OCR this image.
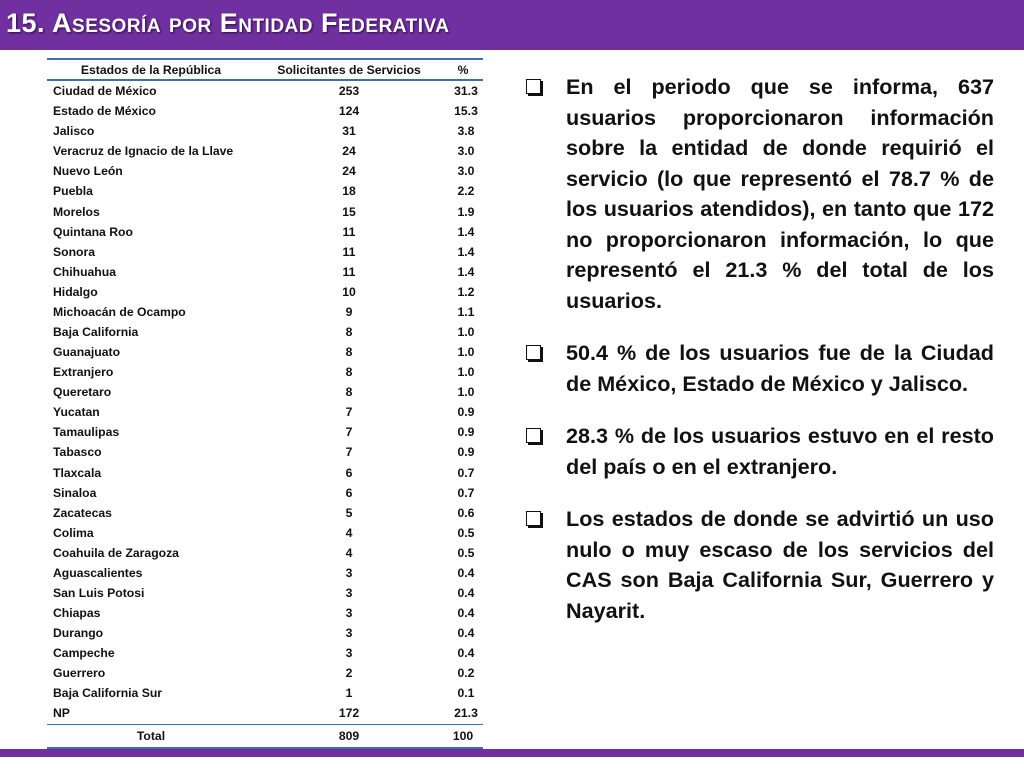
15. Asesoría por Entidad Federativa
Estados de la República	Solicitantes de Servicios	%
Ciudad de México	253	31.3
Estado de México	124	15.3
Jalisco	31	3.8
Veracruz de Ignacio de la Llave	24	3.0
Nuevo León	24	3.0
Puebla	18	2.2
Morelos	15	1.9
Quintana Roo	11	1.4
Sonora	11	1.4
Chihuahua	11	1.4
Hidalgo	10	1.2
Michoacán de Ocampo	9	1.1
Baja California	8	1.0
Guanajuato	8	1.0
Extranjero	8	1.0
Queretaro	8	1.0
Yucatan	7	0.9
Tamaulipas	7	0.9
Tabasco	7	0.9
Tlaxcala	6	0.7
Sinaloa	6	0.7
Zacatecas	5	0.6
Colima	4	0.5
Coahuila de Zaragoza	4	0.5
Aguascalientes	3	0.4
San Luis Potosi	3	0.4
Chiapas	3	0.4
Durango	3	0.4
Campeche	3	0.4
Guerrero	2	0.2
Baja California Sur	1	0.1
NP	172	21.3
Total	809	100
En el periodo que se informa, 637 usuarios proporcionaron información sobre la entidad de donde requirió el servicio (lo que representó el 78.7 % de los usuarios atendidos), en tanto que 172 no proporcionaron información, lo que representó el 21.3 % del total de los usuarios.
50.4 % de los usuarios fue de la Ciudad de México, Estado de México y Jalisco.
28.3 % de los usuarios estuvo en el resto del país o en el extranjero.
Los estados de donde se advirtió un uso nulo o muy escaso de los servicios del CAS son Baja California Sur, Guerrero y Nayarit.
